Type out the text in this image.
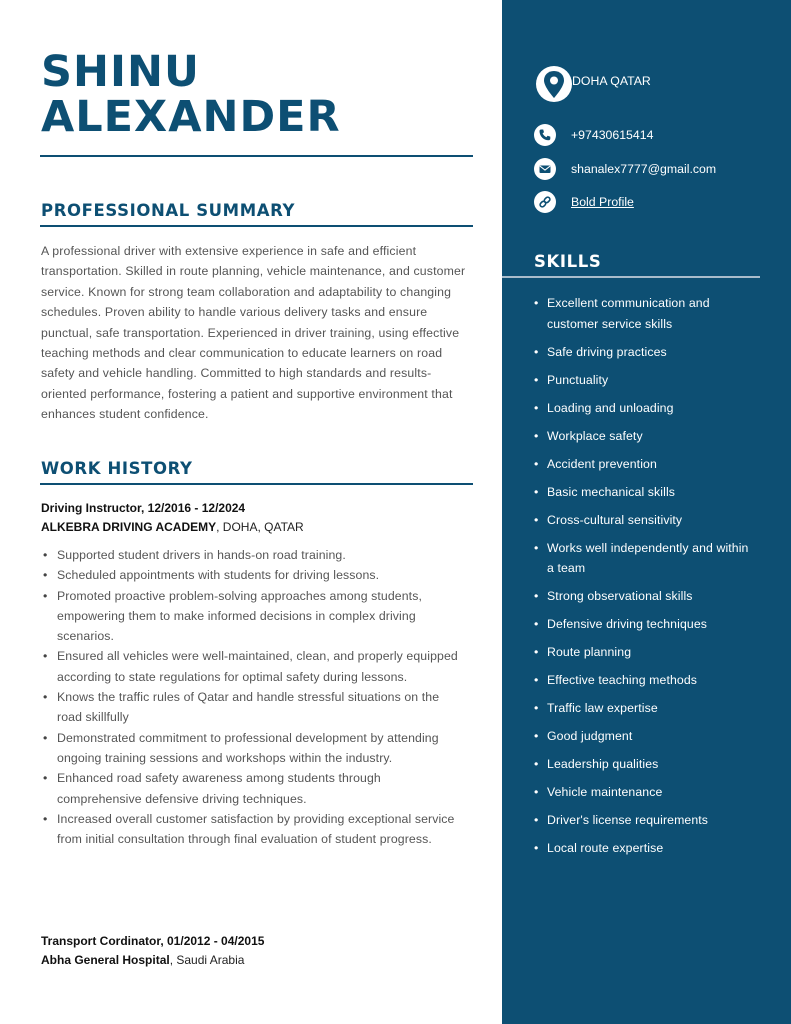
SHINU
ALEXANDER
PROFESSIONAL SUMMARY

A professional driver with extensive experience in safe and efficient transportation. Skilled in route planning, vehicle maintenance, and customer service. Known for strong team collaboration and adaptability to changing schedules. Proven ability to handle various delivery tasks and ensure punctual, safe transportation. Experienced in driver training, using effective teaching methods and clear communication to educate learners on road safety and vehicle handling. Committed to high standards and results-oriented performance, fostering a patient and supportive environment that enhances student confidence.

WORK HISTORY

Driving Instructor, 12/2016 - 12/2024

ALKEBRA DRIVING ACADEMY, DOHA, QATAR

• Supported student drivers in hands-on road training.
• Scheduled appointments with students for driving lessons.
• Promoted proactive problem-solving approaches among students, empowering them to make informed decisions in complex driving scenarios.
• Ensured all vehicles were well-maintained, clean, and properly equipped according to state regulations for optimal safety during lessons.
• Knows the traffic rules of Qatar and handle stressful situations on the road skillfully
• Demonstrated commitment to professional development by attending ongoing training sessions and workshops within the industry.
• Enhanced road safety awareness among students through comprehensive defensive driving techniques.
• Increased overall customer satisfaction by providing exceptional service from initial consultation through final evaluation of student progress.

Transport Cordinator, 01/2012 - 04/2015

Abha General Hospital, Saudi Arabia

DOHA QATAR
+97430615414
shanalex7777@gmail.com
Bold Profile
SKILLS
• Excellent communication and customer service skills
• Safe driving practices
• Punctuality
• Loading and unloading
• Workplace safety
• Accident prevention
• Basic mechanical skills
• Cross-cultural sensitivity
• Works well independently and within a team
• Strong observational skills
• Defensive driving techniques
• Route planning
• Effective teaching methods
• Traffic law expertise
• Good judgment
• Leadership qualities
• Vehicle maintenance
• Driver's license requirements
• Local route expertise
